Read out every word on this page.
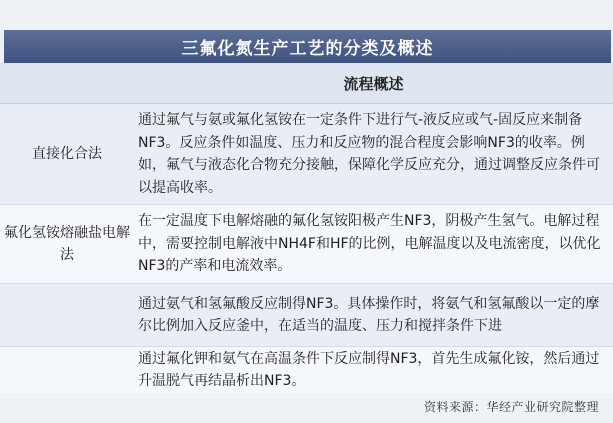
三氟化氮生产工艺的分类及概述
流程概述
直接化合法
通过氟气与氨或氟化氢铵在一定条件下进行气-液反应或气-固反应来制备NF3。反应条件如温度、压力和反应物的混合程度会影响NF3的收率。例如，氟气与液态化合物充分接触，保障化学反应充分，通过调整反应条件可以提高收率。
氟化氢铵熔融盐电解法
在一定温度下电解熔融的氟化氢铵阳极产生NF3，阴极产生氢气。电解过程中，需要控制电解液中NH4F和HF的比例，电解温度以及电流密度，以优化NF3的产率和电流效率。
通过氨气和氢氟酸反应制得NF3。具体操作时，将氨气和氢氟酸以一定的摩尔比例加入反应釜中，在适当的温度、压力和搅拌条件下进
通过氟化钾和氨气在高温条件下反应制得NF3，首先生成氟化铵，然后通过升温脱气再结晶析出NF3。
资料来源：华经产业研究院整理
